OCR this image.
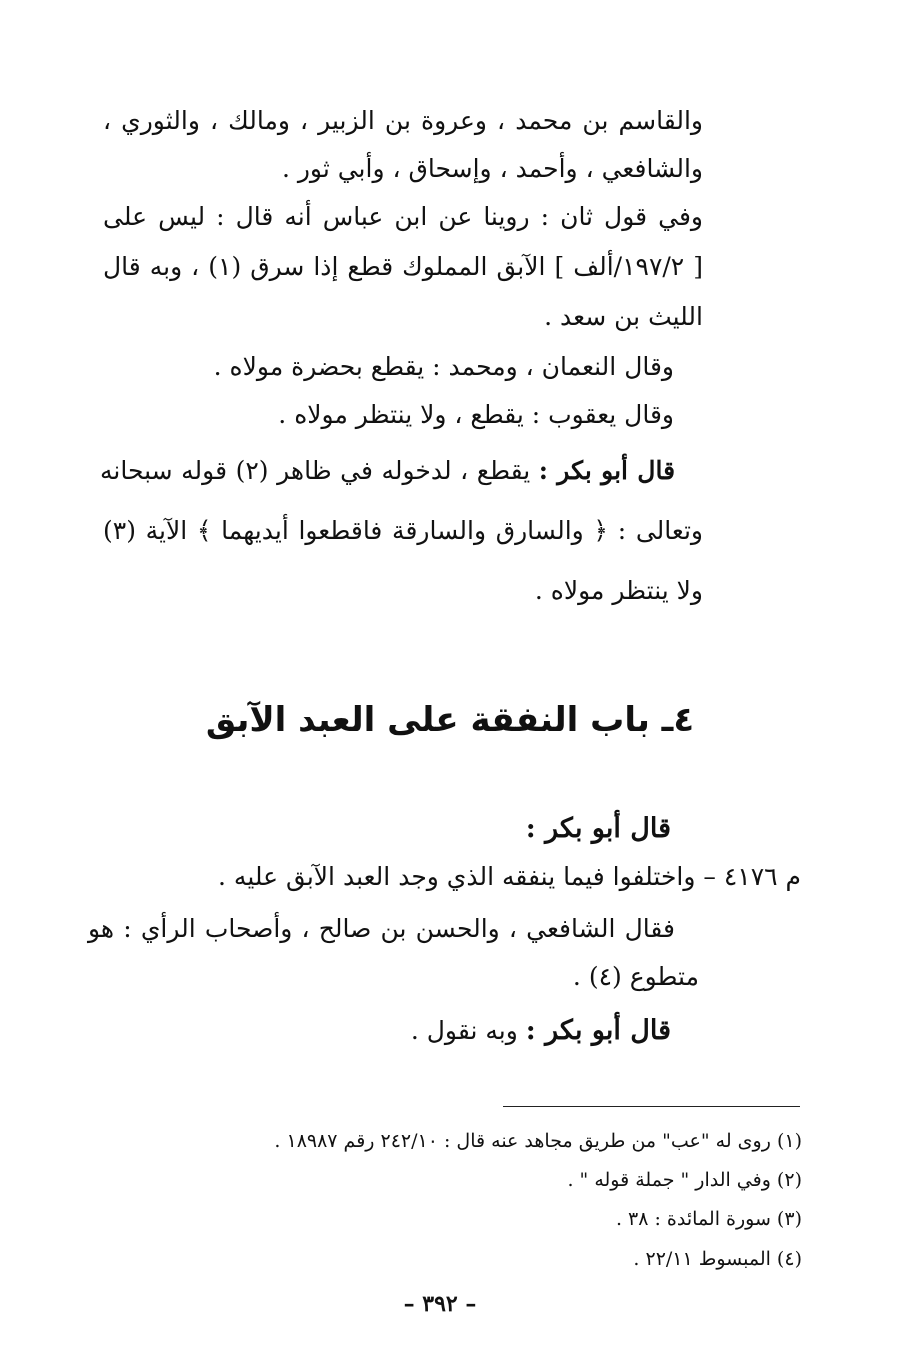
والقاسم بن محمد ، وعروة بن الزبير ، ومالك ، والثوري ،
والشافعي ، وأحمد ، وإسحاق ، وأبي ثور .
وفي قول ثان : روينا عن ابن عباس أنه قال : ليس على
[ ١٩٧/٢/ألف ] الآبق المملوك قطع إذا سرق (١) ، وبه قال
الليث بن سعد .
وقال النعمان ، ومحمد : يقطع بحضرة مولاه .
وقال يعقوب : يقطع ، ولا ينتظر مولاه .
قال أبو بكر : يقطع ، لدخوله في ظاهر (٢) قوله سبحانه
وتعالى : ﴿ والسارق والسارقة فاقطعوا أيديهما ﴾ الآية (٣)
ولا ينتظر مولاه .
٤ـ باب النفقة على العبد الآبق
قال أبو بكر :
م ٤١٧٦ – واختلفوا فيما ينفقه الذي وجد العبد الآبق عليه .
فقال الشافعي ، والحسن بن صالح ، وأصحاب الرأي : هو
متطوع (٤) .
قال أبو بكر : وبه نقول .
(١) روى له "عب" من طريق مجاهد عنه قال : ٢٤٢/١٠ رقم ١٨٩٨٧ .
(٢) وفي الدار " جملة قوله " .
(٣) سورة المائدة : ٣٨ .
(٤) المبسوط ٢٢/١١ .
– ٣٩٢ –
